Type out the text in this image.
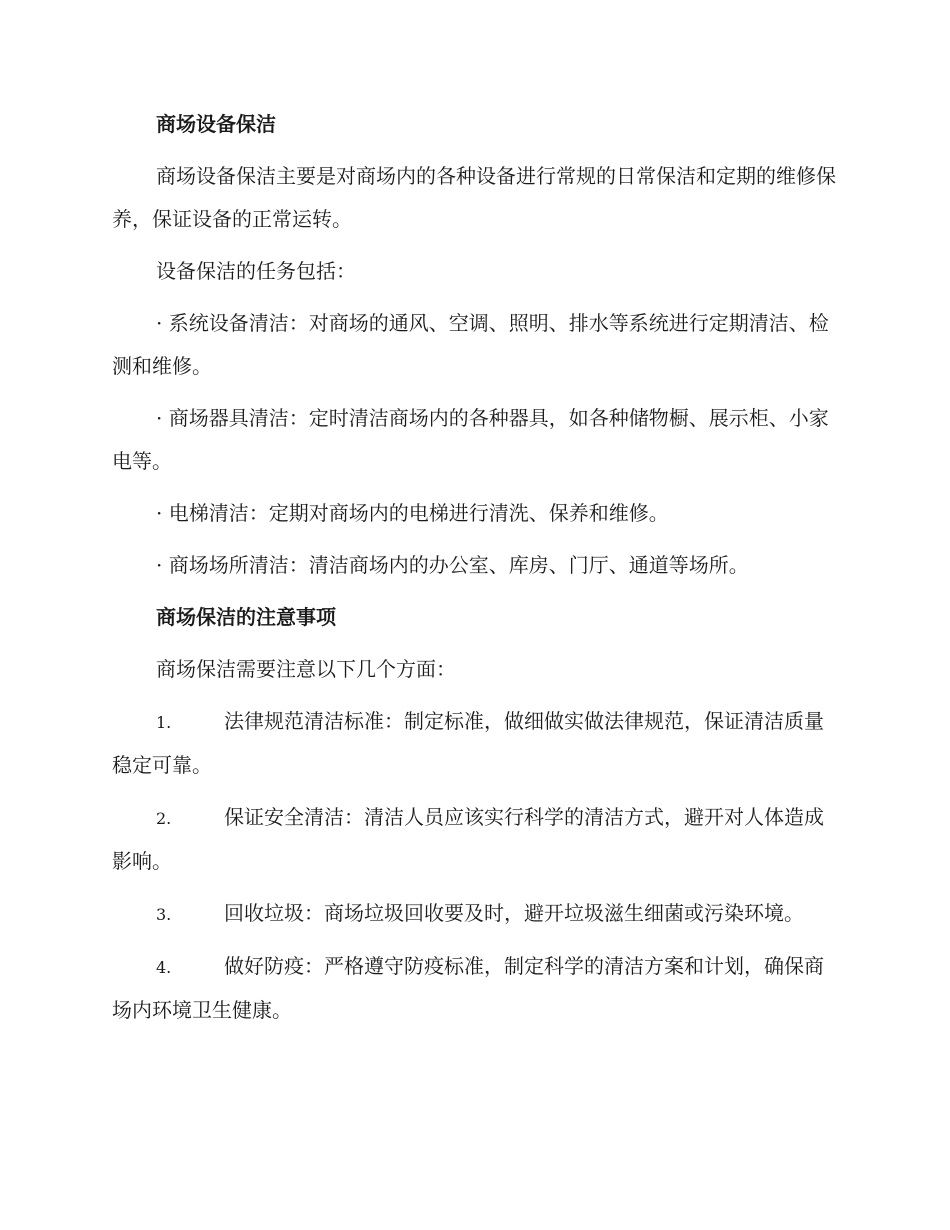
商场设备保洁

商场设备保洁主要是对商场内的各种设备进行常规的日常保洁和定期的维修保养，保证设备的正常运转。

设备保洁的任务包括：

· 系统设备清洁：对商场的通风、空调、照明、排水等系统进行定期清洁、检测和维修。

· 商场器具清洁：定时清洁商场内的各种器具，如各种储物橱、展示柜、小家电等。

· 电梯清洁：定期对商场内的电梯进行清洗、保养和维修。

· 商场场所清洁：清洁商场内的办公室、库房、门厅、通道等场所。

商场保洁的注意事项

商场保洁需要注意以下几个方面：

1.	法律规范清洁标准：制定标准，做细做实做法律规范，保证清洁质量稳定可靠。

2.	保证安全清洁：清洁人员应该实行科学的清洁方式，避开对人体造成影响。

3.	回收垃圾：商场垃圾回收要及时，避开垃圾滋生细菌或污染环境。

4.	做好防疫：严格遵守防疫标准，制定科学的清洁方案和计划，确保商场内环境卫生健康。
